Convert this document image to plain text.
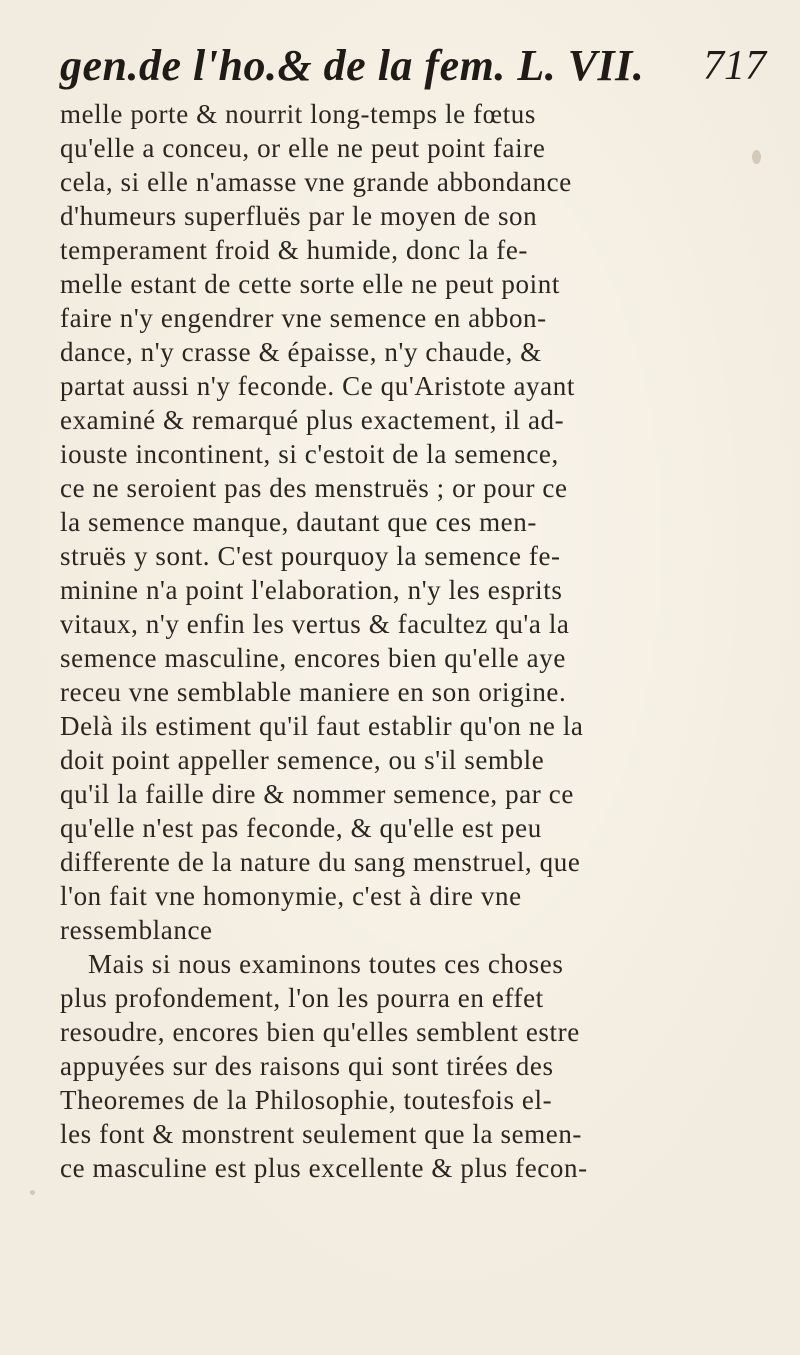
gen.de l'ho.& de la fem. L. VII. 717
melle porte & nourrit long-temps le fœtus
qu'elle a conceu, or elle ne peut point faire
cela, si elle n'amasse vne grande abbondance
d'humeurs superfluës par le moyen de son
temperament froid & humide, donc la fe-
melle estant de cette sorte elle ne peut point
faire n'y engendrer vne semence en abbon-
dance, n'y crasse & épaisse, n'y chaude, &
partat aussi n'y feconde. Ce qu'Aristote ayant
examiné & remarqué plus exactement, il ad-
iouste incontinent, si c'estoit de la semence,
ce ne seroient pas des menstruës ; or pour ce
la semence manque, dautant que ces men-
struës y sont. C'est pourquoy la semence fe-
minine n'a point l'elaboration, n'y les esprits
vitaux, n'y enfin les vertus & facultez qu'a la
semence masculine, encores bien qu'elle aye
receu vne semblable maniere en son origine.
Delà ils estiment qu'il faut establir qu'on ne la
doit point appeller semence, ou s'il semble
qu'il la faille dire & nommer semence, par ce
qu'elle n'est pas feconde, & qu'elle est peu
differente de la nature du sang menstruel, que
l'on fait vne homonymie, c'est à dire vne
ressemblance
Mais si nous examinons toutes ces choses
plus profondement, l'on les pourra en effet
resoudre, encores bien qu'elles semblent estre
appuyées sur des raisons qui sont tirées des
Theoremes de la Philosophie, toutesfois el-
les font & monstrent seulement que la semen-
ce masculine est plus excellente & plus fecon-
